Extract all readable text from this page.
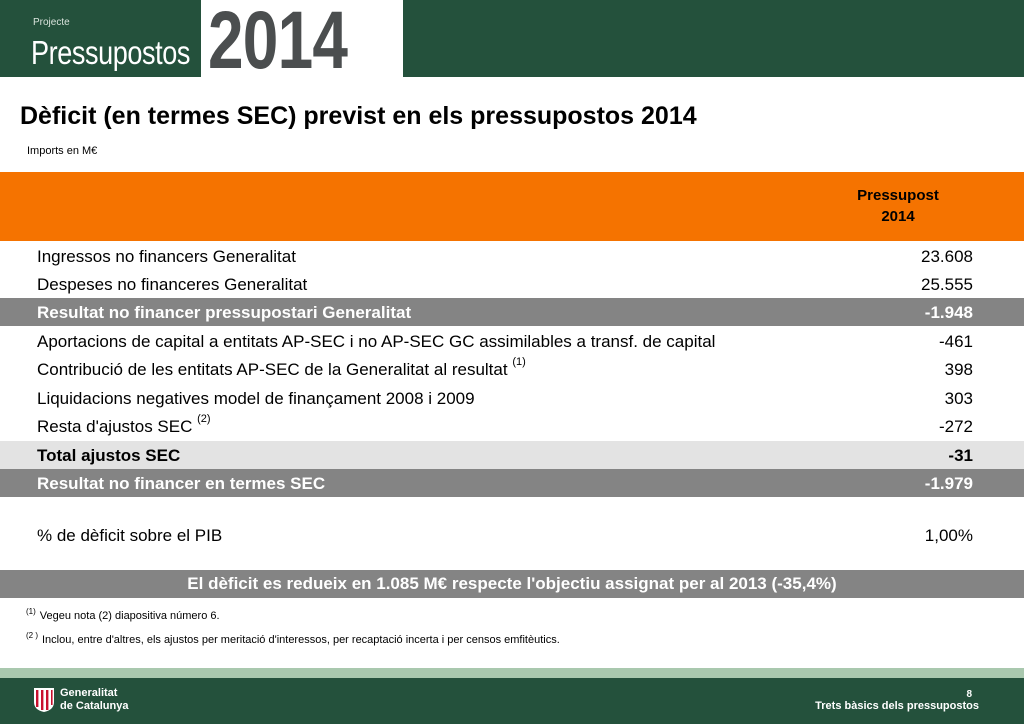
Projecte
Pressupostos 2014
Dèficit (en termes SEC) previst en els pressupostos 2014
Imports en M€
Pressupost
2014
Ingressos no financers Generalitat	23.608
Despeses no financeres Generalitat	25.555
Resultat no financer pressupostari Generalitat	-1.948
Aportacions de capital a entitats AP-SEC i no AP-SEC GC assimilables a transf. de capital	-461
Contribució de les entitats AP-SEC de la Generalitat al resultat $^{(1)}$	398
Liquidacions negatives model de finançament 2008 i 2009	303
Resta d'ajustos SEC $^{(2)}$	-272
Total ajustos SEC	-31
Resultat no financer en termes SEC	-1.979
% de dèficit sobre el PIB	1,00%
El dèficit es redueix en 1.085 M€ respecte l'objectiu assignat per al 2013 (-35,4%)
$^{(1)}$ Vegeu nota (2) diapositiva número 6.
$^{(2 )}$ Inclou, entre d'altres, els ajustos per meritació d'interessos, per recaptació incerta i per censos emfitèutics.
Generalitat
de Catalunya
8
Trets bàsics dels pressupostos
